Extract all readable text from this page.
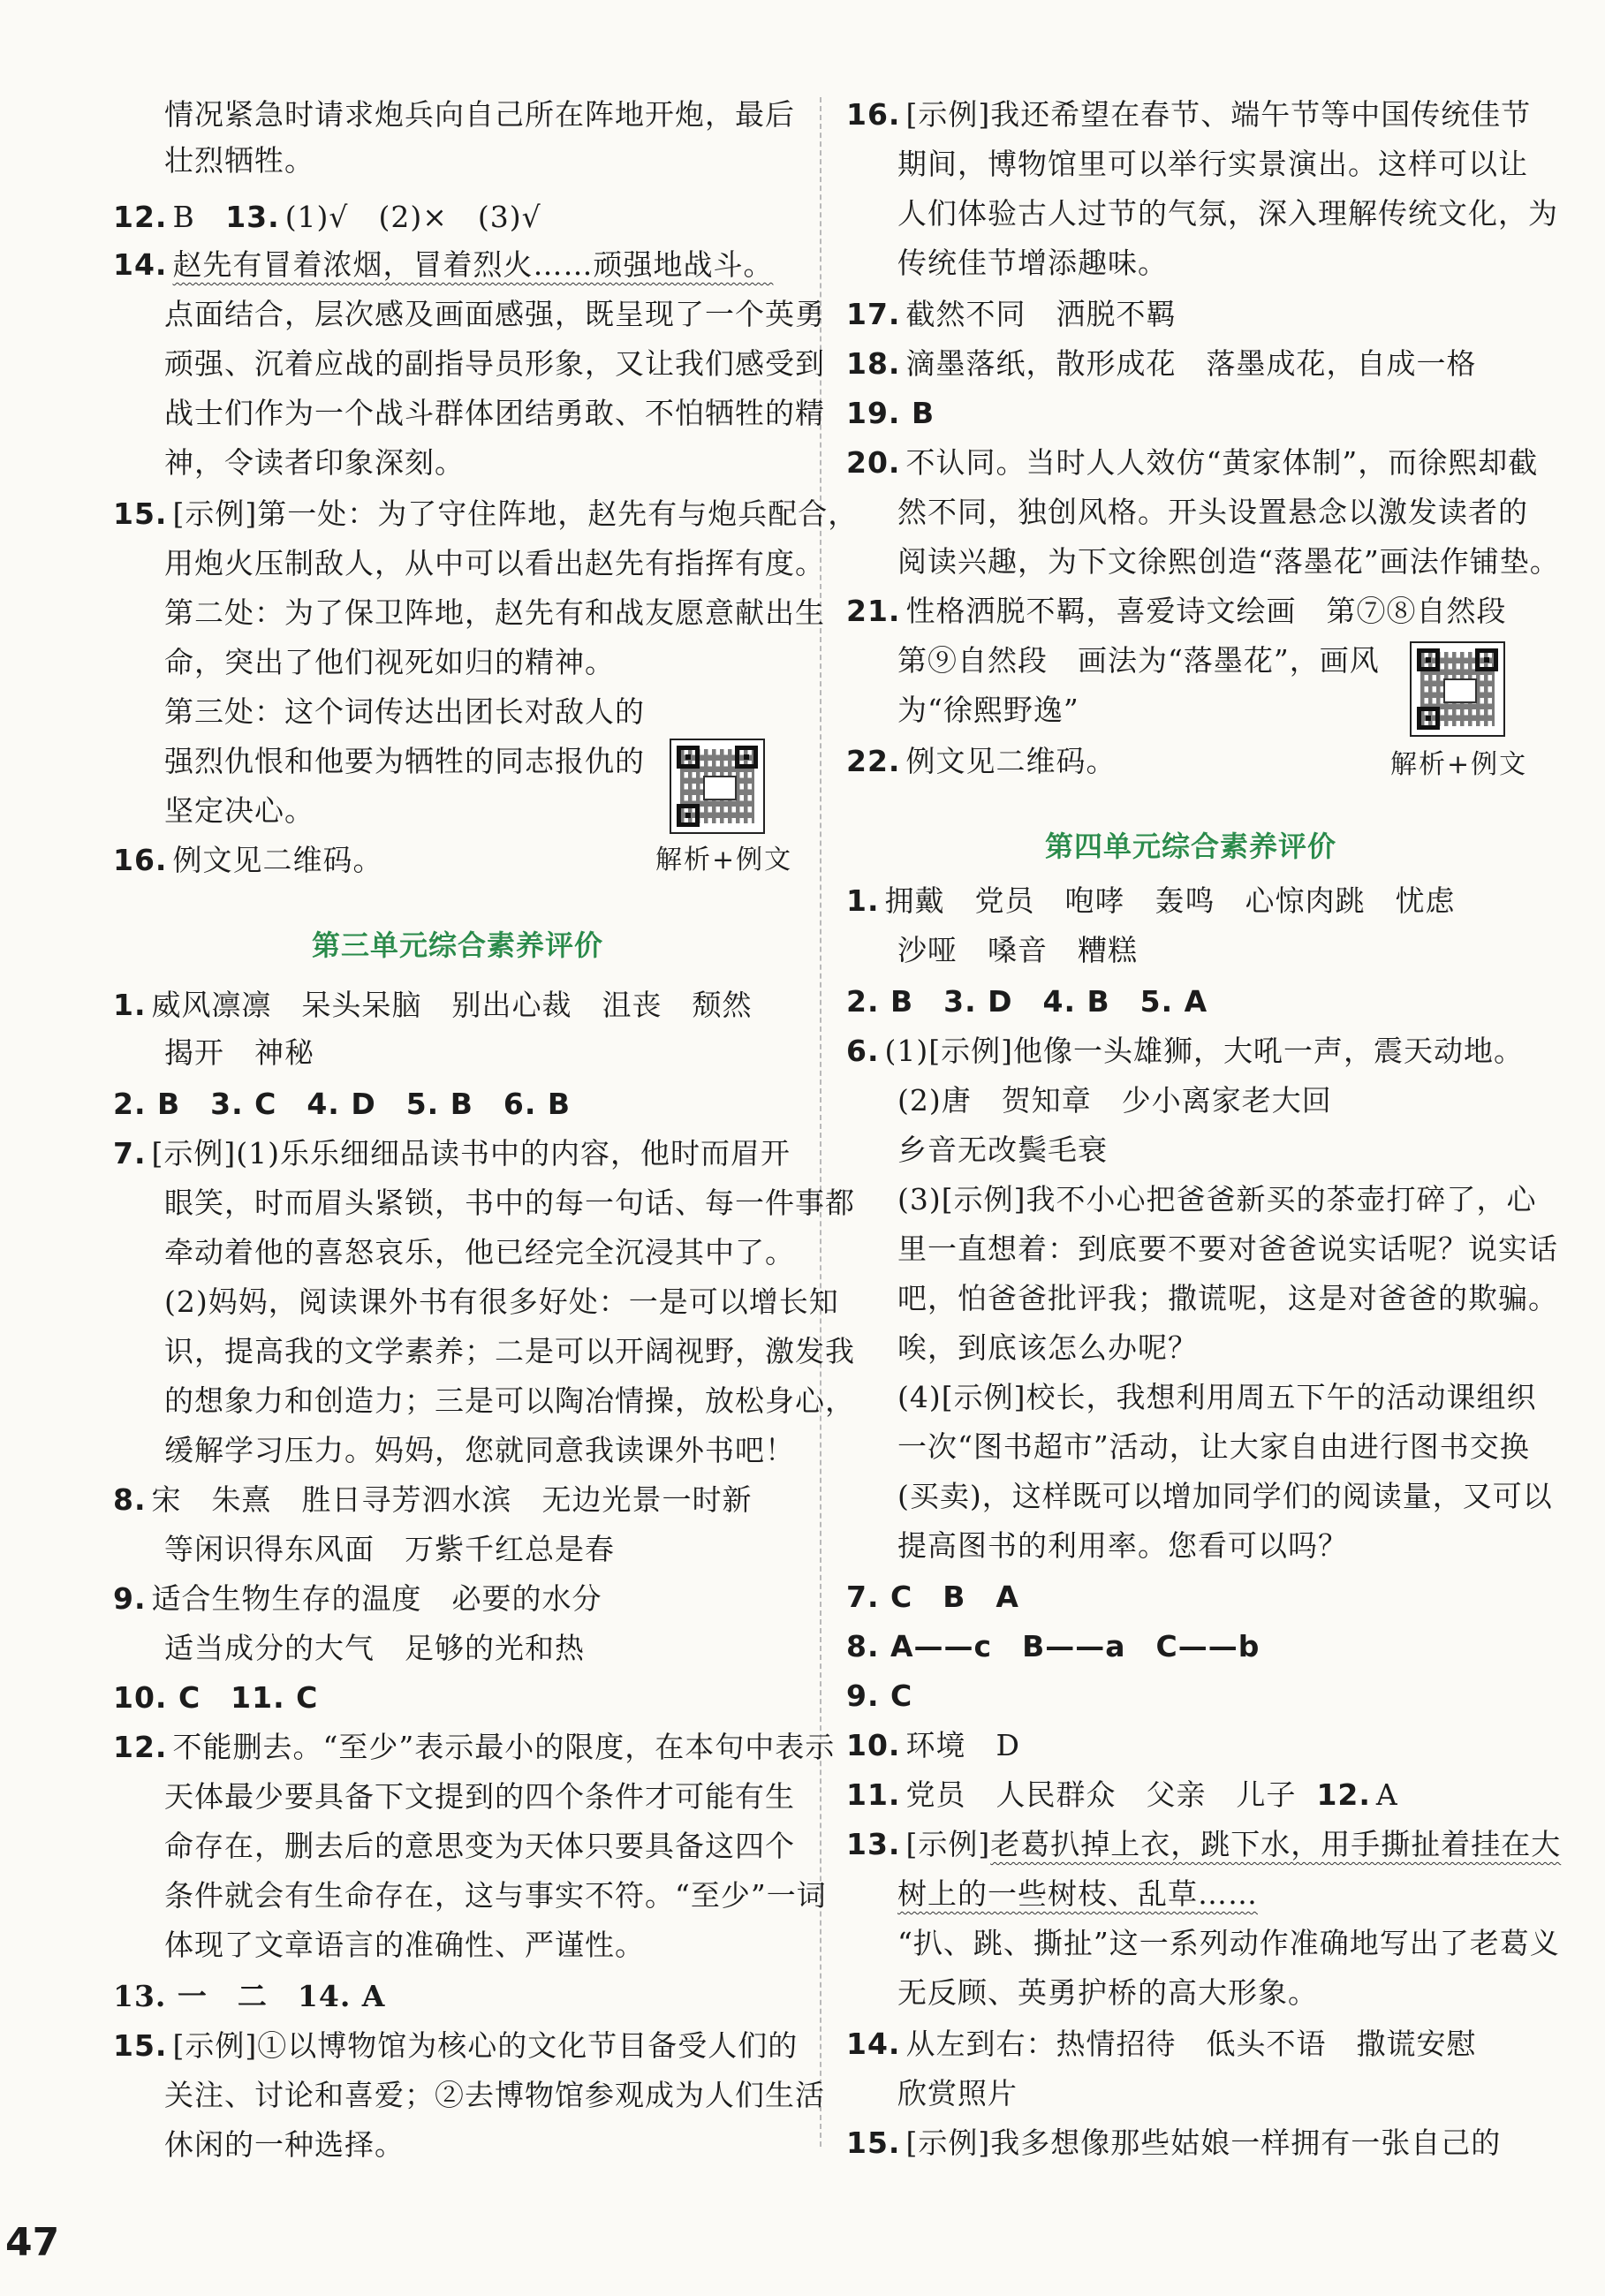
情况紧急时请求炮兵向自己所在阵地开炮，最后
壮烈牺牲。
12. B 13. (1)√　(2)×　(3)√
14. 赵先有冒着浓烟，冒着烈火……顽强地战斗。
点面结合，层次感及画面感强，既呈现了一个英勇
顽强、沉着应战的副指导员形象，又让我们感受到
战士们作为一个战斗群体团结勇敢、不怕牺牲的精
神，令读者印象深刻。
15. [示例]第一处：为了守住阵地，赵先有与炮兵配合，
用炮火压制敌人，从中可以看出赵先有指挥有度。
第二处：为了保卫阵地，赵先有和战友愿意献出生
命，突出了他们视死如归的精神。
第三处：这个词传达出团长对敌人的
强烈仇恨和他要为牺牲的同志报仇的
坚定决心。
16. 例文见二维码。	解析+例文
第三单元综合素养评价
1. 威风凛凛　呆头呆脑　别出心裁　沮丧　颓然
揭开　神秘
2. B　3. C　4. D　5. B　6. B
7. [示例](1)乐乐细细品读书中的内容，他时而眉开
眼笑，时而眉头紧锁，书中的每一句话、每一件事都
牵动着他的喜怒哀乐，他已经完全沉浸其中了。
(2)妈妈，阅读课外书有很多好处：一是可以增长知
识，提高我的文学素养；二是可以开阔视野，激发我
的想象力和创造力；三是可以陶冶情操，放松身心，
缓解学习压力。妈妈，您就同意我读课外书吧！
8. 宋　朱熹　胜日寻芳泗水滨　无边光景一时新
等闲识得东风面　万紫千红总是春
9. 适合生物生存的温度　必要的水分
适当成分的大气　足够的光和热
10. C　11. C
12. 不能删去。“至少”表示最小的限度，在本句中表示
天体最少要具备下文提到的四个条件才可能有生
命存在，删去后的意思变为天体只要具备这四个
条件就会有生命存在，这与事实不符。“至少”一词
体现了文章语言的准确性、严谨性。
13. 一　二　14. A
15. [示例]①以博物馆为核心的文化节目备受人们的
关注、讨论和喜爱；②去博物馆参观成为人们生活
休闲的一种选择。
47
16. [示例]我还希望在春节、端午节等中国传统佳节
期间，博物馆里可以举行实景演出。这样可以让
人们体验古人过节的气氛，深入理解传统文化，为
传统佳节增添趣味。
17. 截然不同　洒脱不羁
18. 滴墨落纸，散形成花　落墨成花，自成一格
19. B
20. 不认同。当时人人效仿“黄家体制”，而徐熙却截
然不同，独创风格。开头设置悬念以激发读者的
阅读兴趣，为下文徐熙创造“落墨花”画法作铺垫。
21. 性格洒脱不羁，喜爱诗文绘画　第⑦⑧自然段
第⑨自然段　画法为“落墨花”，画风
为“徐熙野逸”
22. 例文见二维码。	解析+例文
第四单元综合素养评价
1. 拥戴　党员　咆哮　轰鸣　心惊肉跳　忧虑
沙哑　嗓音　糟糕
2. B　3. D　4. B　5. A
6. (1)[示例]他像一头雄狮，大吼一声，震天动地。
(2)唐　贺知章　少小离家老大回
乡音无改鬓毛衰
(3)[示例]我不小心把爸爸新买的茶壶打碎了，心
里一直想着：到底要不要对爸爸说实话呢？说实话
吧，怕爸爸批评我；撒谎呢，这是对爸爸的欺骗。
唉，到底该怎么办呢？
(4)[示例]校长，我想利用周五下午的活动课组织
一次“图书超市”活动，让大家自由进行图书交换
(买卖)，这样既可以增加同学们的阅读量，又可以
提高图书的利用率。您看可以吗？
7. C　B　A
8. A——c　B——a　C——b
9. C
10. 环境　D
11. 党员　人民群众　父亲　儿子 12. A
13. [示例]老葛扒掉上衣，跳下水，用手撕扯着挂在大
树上的一些树枝、乱草……
“扒、跳、撕扯”这一系列动作准确地写出了老葛义
无反顾、英勇护桥的高大形象。
14. 从左到右：热情招待　低头不语　撒谎安慰
欣赏照片
15. [示例]我多想像那些姑娘一样拥有一张自己的
